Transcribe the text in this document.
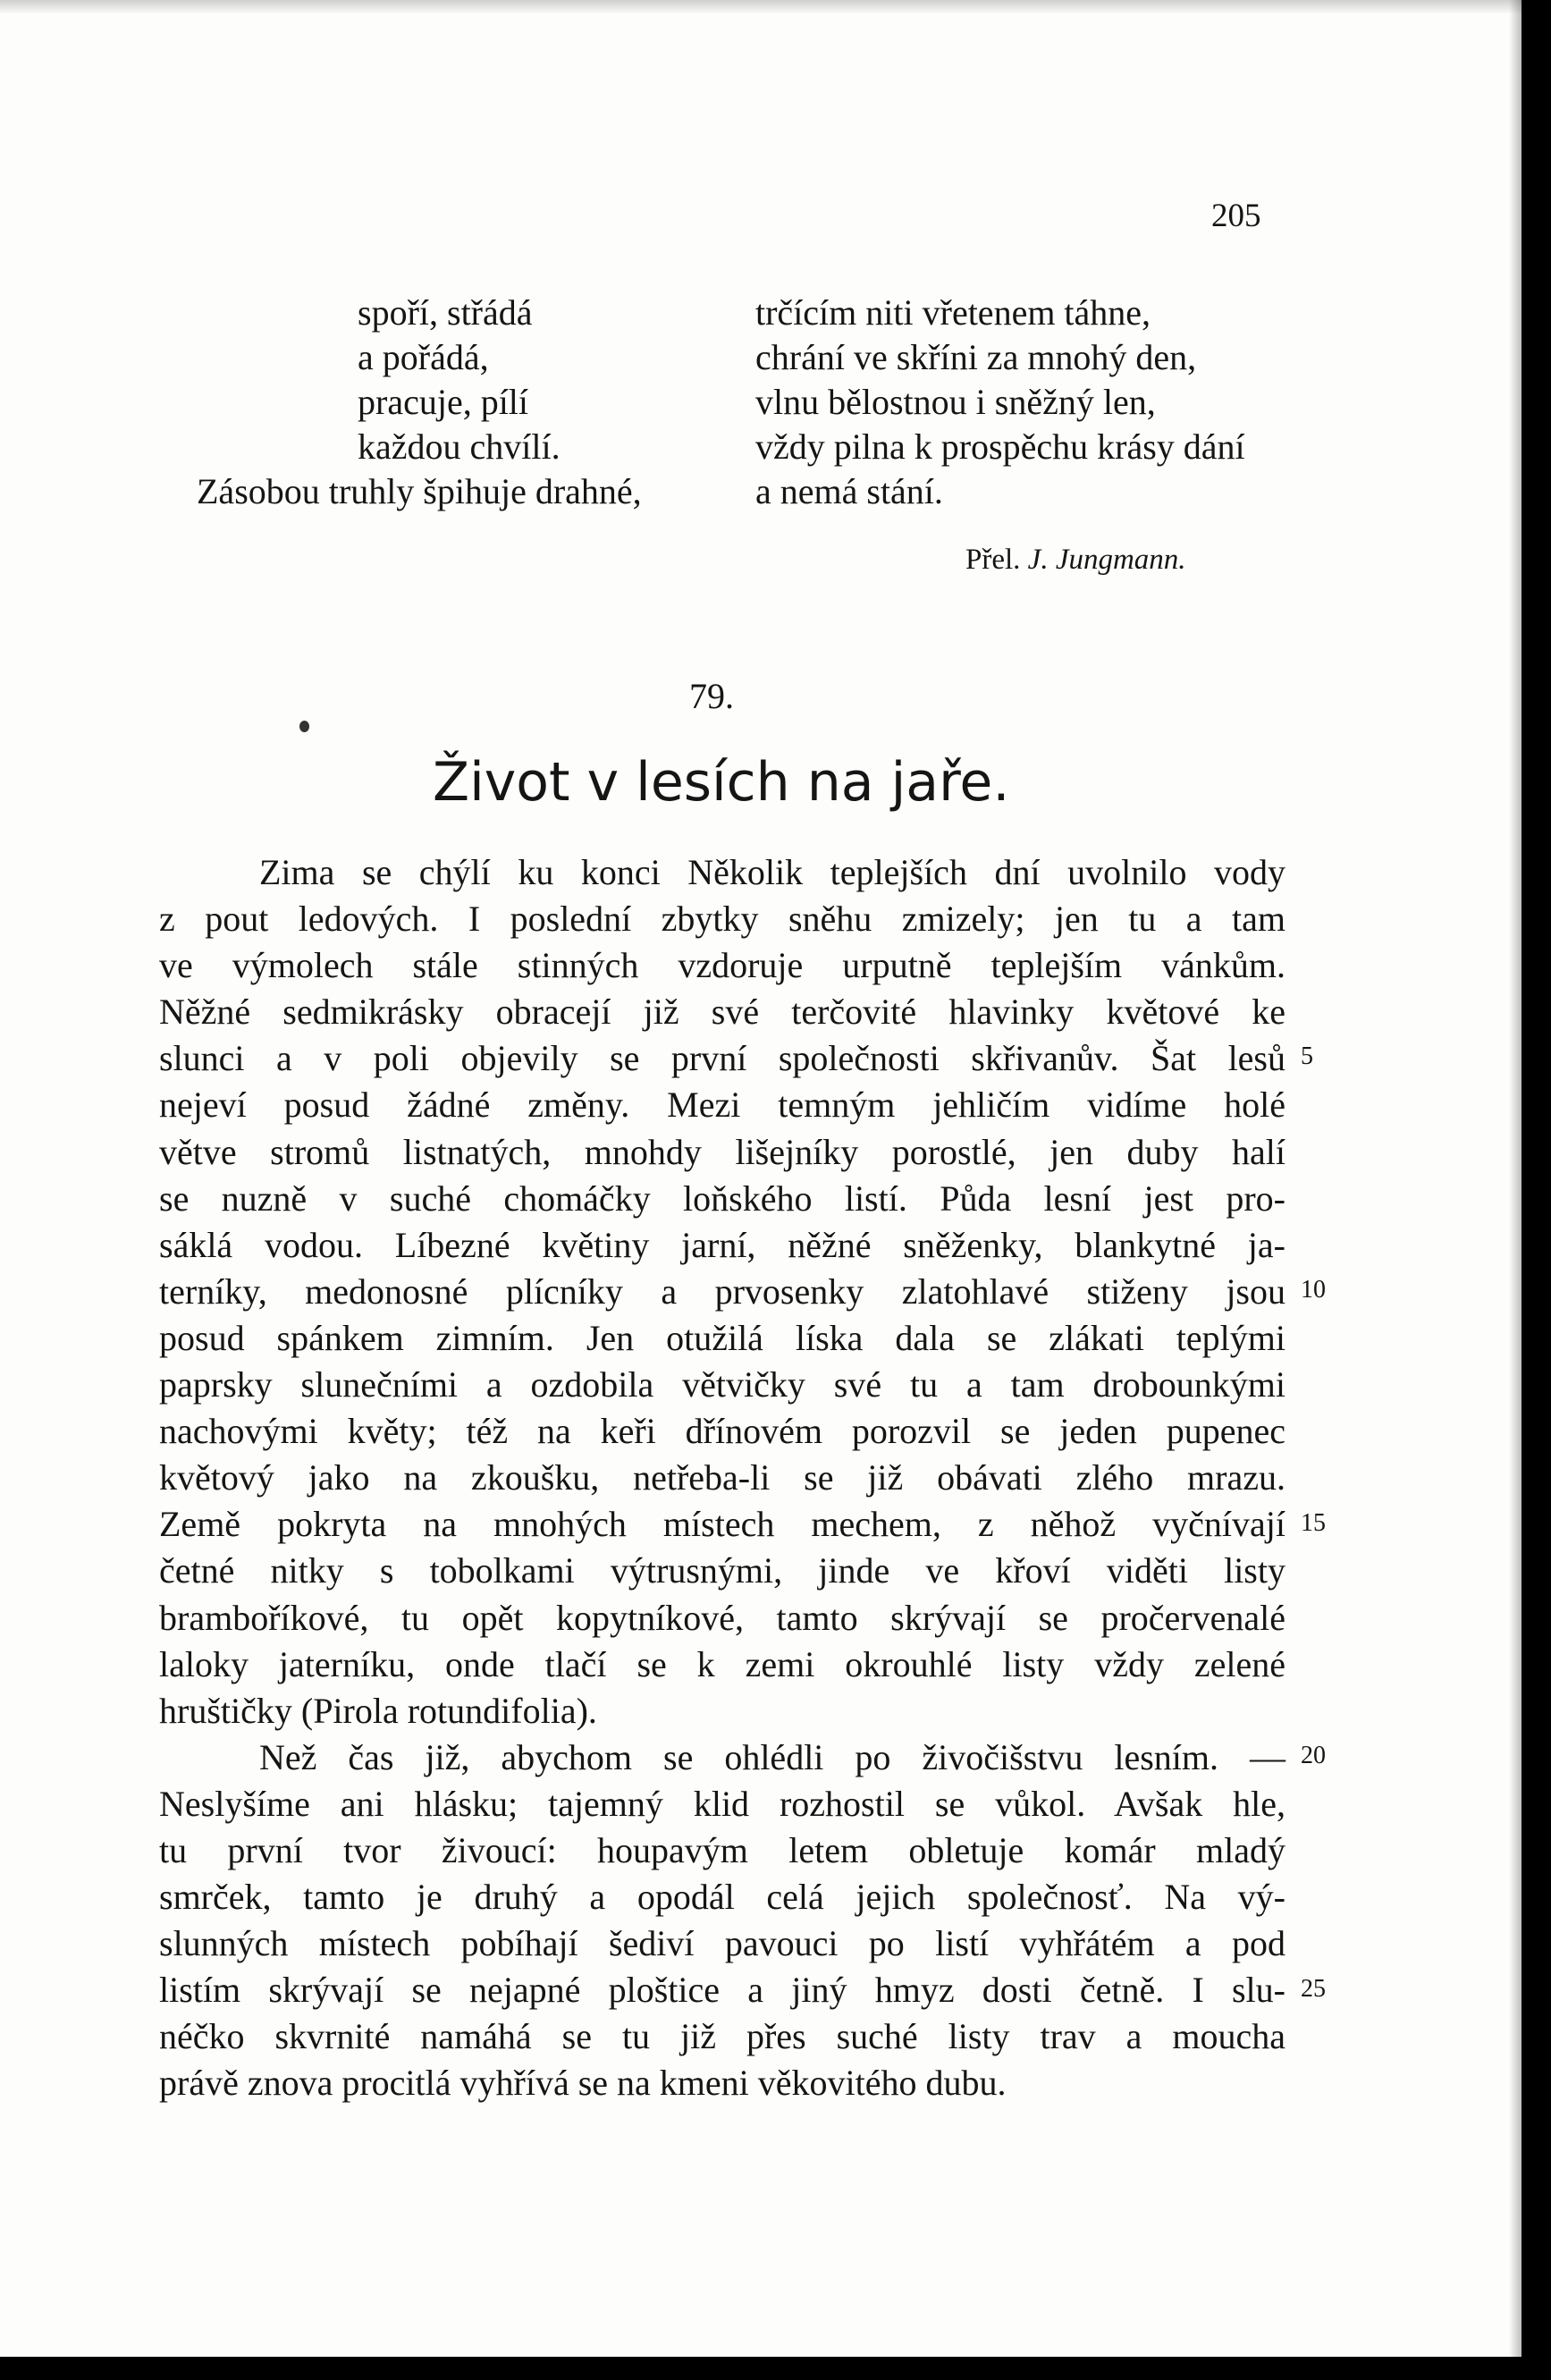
205
spoří, střádá
a pořádá,
pracuje, pílí
každou chvílí.
Zásobou truhly špihuje drahné,
trčícím niti vřetenem táhne,
chrání ve skříni za mnohý den,
vlnu bělostnou i sněžný len,
vždy pilna k prospěchu krásy dání
a nemá stání.
Přel. J. Jungmann.
79.
Život v lesích na jaře.
Zima se chýlí ku konci Několik teplejších dní uvolnilo vody
z pout ledových. I poslední zbytky sněhu zmizely; jen tu a tam
ve výmolech stále stinných vzdoruje urputně teplejším vánkům.
Něžné sedmikrásky obracejí již své terčovité hlavinky květové ke
slunci a v poli objevily se první společnosti skřivanův. Šat lesů
nejeví posud žádné změny. Mezi temným jehličím vidíme holé
větve stromů listnatých, mnohdy lišejníky porostlé, jen duby halí
se nuzně v suché chomáčky loňského listí. Půda lesní jest pro-
sáklá vodou. Líbezné květiny jarní, něžné sněženky, blankytné ja-
terníky, medonosné plícníky a prvosenky zlatohlavé stiženy jsou
posud spánkem zimním. Jen otužilá líska dala se zlákati teplými
paprsky slunečními a ozdobila větvičky své tu a tam drobounkými
nachovými květy; též na keři dřínovém porozvil se jeden pupenec
květový jako na zkoušku, netřeba-li se již obávati zlého mrazu.
Země pokryta na mnohých místech mechem, z něhož vyčnívají
četné nitky s tobolkami výtrusnými, jinde ve křoví viděti listy
bramboříkové, tu opět kopytníkové, tamto skrývají se pročervenalé
laloky jaterníku, onde tlačí se k zemi okrouhlé listy vždy zelené
hruštičky (Pirola rotundifolia).
Než čas již, abychom se ohlédli po živočišstvu lesním. —
Neslyšíme ani hlásku; tajemný klid rozhostil se vůkol. Avšak hle,
tu první tvor živoucí: houpavým letem obletuje komár mladý
smrček, tamto je druhý a opodál celá jejich společnosť. Na vý-
slunných místech pobíhají šediví pavouci po listí vyhřátém a pod
listím skrývají se nejapné ploštice a jiný hmyz dosti četně. I slu-
néčko skvrnité namáhá se tu již přes suché listy trav a moucha
právě znova procitlá vyhřívá se na kmeni věkovitého dubu.
5
10
15
20
25
